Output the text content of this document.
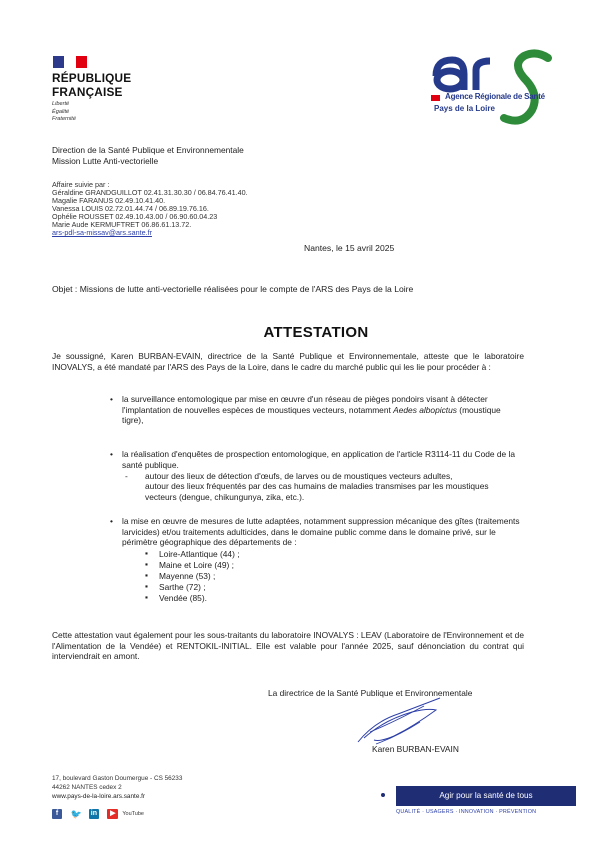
RÉPUBLIQUE
FRANÇAISE
Liberté
Égalité
Fraternité
Agence Régionale de Santé
Pays de la Loire
Direction de la Santé Publique et Environnementale
Mission Lutte Anti-vectorielle
Affaire suivie par :
Géraldine GRANDGUILLOT 02.41.31.30.30 / 06.84.76.41.40.
Magalie FARANUS 02.49.10.41.40.
Vanessa LOUIS 02.72.01.44.74 / 06.89.19.76.16.
Ophélie ROUSSET 02.49.10.43.00 / 06.90.60.04.23
Marie Aude KERMUFTRET 06.86.61.13.72.
ars-pdl-sa-missav@ars.sante.fr
Nantes, le 15 avril 2025
Objet : Missions de lutte anti-vectorielle réalisées pour le compte de l'ARS des Pays de la Loire
ATTESTATION
Je soussigné, Karen BURBAN-EVAIN, directrice de la Santé Publique et Environnementale, atteste que le laboratoire INOVALYS, a été mandaté par l'ARS des Pays de la Loire, dans le cadre du marché public qui les lie pour procéder à :
• la surveillance entomologique par mise en œuvre d'un réseau de pièges pondoirs visant à détecter l'implantation de nouvelles espèces de moustiques vecteurs, notamment Aedes albopictus (moustique tigre),
• la réalisation d'enquêtes de prospection entomologique, en application de l'article R3114-11 du Code de la santé publique.
- autour des lieux de détection d'œufs, de larves ou de moustiques vecteurs adultes,
autour des lieux fréquentés par des cas humains de maladies transmises par les moustiques vecteurs (dengue, chikungunya, zika, etc.).
• la mise en œuvre de mesures de lutte adaptées, notamment suppression mécanique des gîtes (traitements larvicides) et/ou traitements adulticides, dans le domaine public comme dans le domaine privé, sur le périmètre géographique des départements de :
▪ Loire-Atlantique (44) ;
▪ Maine et Loire (49) ;
▪ Mayenne (53) ;
▪ Sarthe (72) ;
▪ Vendée (85).
Cette attestation vaut également pour les sous-traitants du laboratoire INOVALYS : LEAV (Laboratoire de l'Environnement et de l'Alimentation de la Vendée) et RENTOKIL-INITIAL. Elle est valable pour l'année 2025, sauf dénonciation du contrat qui interviendrait en amont.
La directrice de la Santé Publique et Environnementale
Karen BURBAN-EVAIN
17, boulevard Gaston Doumergue - CS 56233
44262 NANTES cedex 2
www.pays-de-la-loire.ars.sante.fr
f 🐦 in ▶ YouTube
Agir pour la santé de tous
QUALITÉ · USAGERS · INNOVATION · PRÉVENTION
